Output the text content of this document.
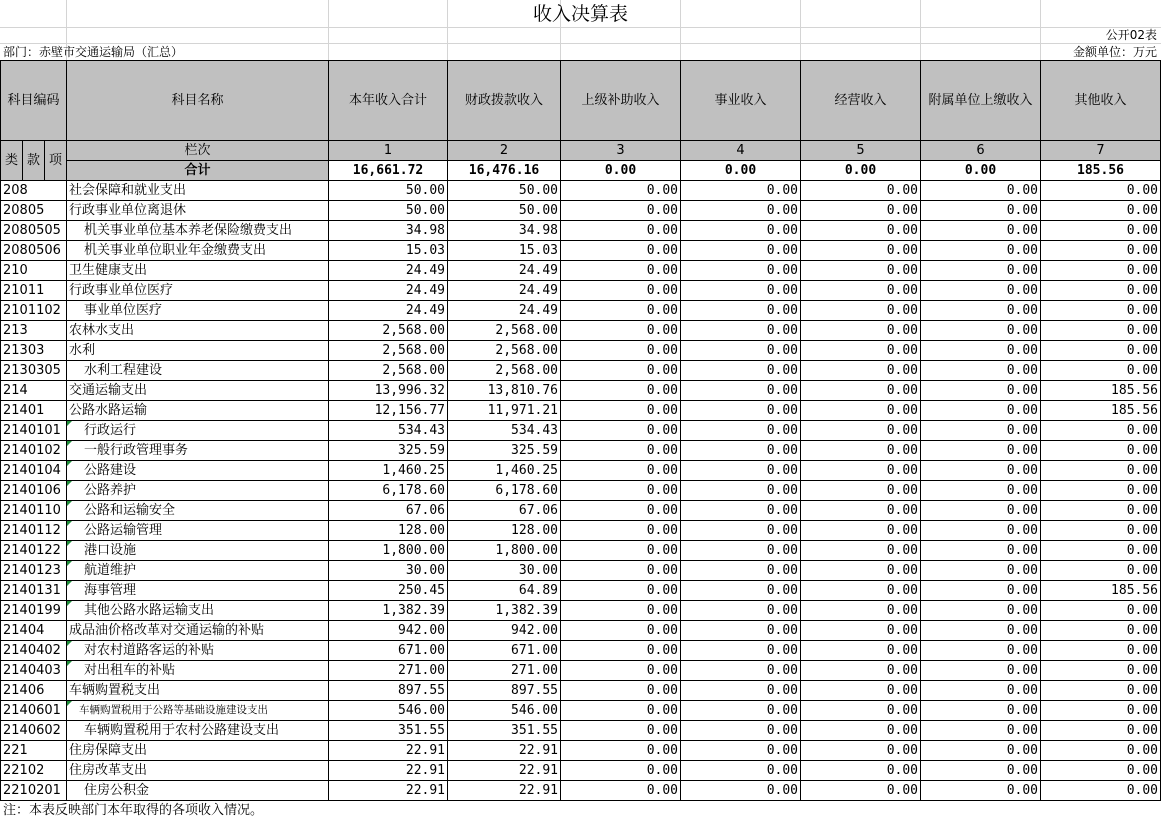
收入决算表
公开02表
部门：赤壁市交通运输局（汇总）	金额单位：万元
科目编码			科目名称	本年收入合计	财政拨款收入	上级补助收入	事业收入	经营收入	附属单位上缴收入	其他收入
类	款	项	栏次	1	2	3	4	5	6	7
			合计	16,661.72	16,476.16	0.00	0.00	0.00	0.00	185.56
208			社会保障和就业支出	50.00	50.00	0.00	0.00	0.00	0.00	0.00
20805			行政事业单位离退休	50.00	50.00	0.00	0.00	0.00	0.00	0.00
2080505			机关事业单位基本养老保险缴费支出	34.98	34.98	0.00	0.00	0.00	0.00	0.00
2080506			机关事业单位职业年金缴费支出	15.03	15.03	0.00	0.00	0.00	0.00	0.00
210			卫生健康支出	24.49	24.49	0.00	0.00	0.00	0.00	0.00
21011			行政事业单位医疗	24.49	24.49	0.00	0.00	0.00	0.00	0.00
2101102			事业单位医疗	24.49	24.49	0.00	0.00	0.00	0.00	0.00
213			农林水支出	2,568.00	2,568.00	0.00	0.00	0.00	0.00	0.00
21303			水利	2,568.00	2,568.00	0.00	0.00	0.00	0.00	0.00
2130305			水利工程建设	2,568.00	2,568.00	0.00	0.00	0.00	0.00	0.00
214			交通运输支出	13,996.32	13,810.76	0.00	0.00	0.00	0.00	185.56
21401			公路水路运输	12,156.77	11,971.21	0.00	0.00	0.00	0.00	185.56
2140101			行政运行	534.43	534.43	0.00	0.00	0.00	0.00	0.00
2140102			一般行政管理事务	325.59	325.59	0.00	0.00	0.00	0.00	0.00
2140104			公路建设	1,460.25	1,460.25	0.00	0.00	0.00	0.00	0.00
2140106			公路养护	6,178.60	6,178.60	0.00	0.00	0.00	0.00	0.00
2140110			公路和运输安全	67.06	67.06	0.00	0.00	0.00	0.00	0.00
2140112			公路运输管理	128.00	128.00	0.00	0.00	0.00	0.00	0.00
2140122			港口设施	1,800.00	1,800.00	0.00	0.00	0.00	0.00	0.00
2140123			航道维护	30.00	30.00	0.00	0.00	0.00	0.00	0.00
2140131			海事管理	250.45	64.89	0.00	0.00	0.00	0.00	185.56
2140199			其他公路水路运输支出	1,382.39	1,382.39	0.00	0.00	0.00	0.00	0.00
21404			成品油价格改革对交通运输的补贴	942.00	942.00	0.00	0.00	0.00	0.00	0.00
2140402			对农村道路客运的补贴	671.00	671.00	0.00	0.00	0.00	0.00	0.00
2140403			对出租车的补贴	271.00	271.00	0.00	0.00	0.00	0.00	0.00
21406			车辆购置税支出	897.55	897.55	0.00	0.00	0.00	0.00	0.00
2140601			车辆购置税用于公路等基础设施建设支出	546.00	546.00	0.00	0.00	0.00	0.00	0.00
2140602			车辆购置税用于农村公路建设支出	351.55	351.55	0.00	0.00	0.00	0.00	0.00
221			住房保障支出	22.91	22.91	0.00	0.00	0.00	0.00	0.00
22102			住房改革支出	22.91	22.91	0.00	0.00	0.00	0.00	0.00
2210201			住房公积金	22.91	22.91	0.00	0.00	0.00	0.00	0.00
注：本表反映部门本年取得的各项收入情况。
